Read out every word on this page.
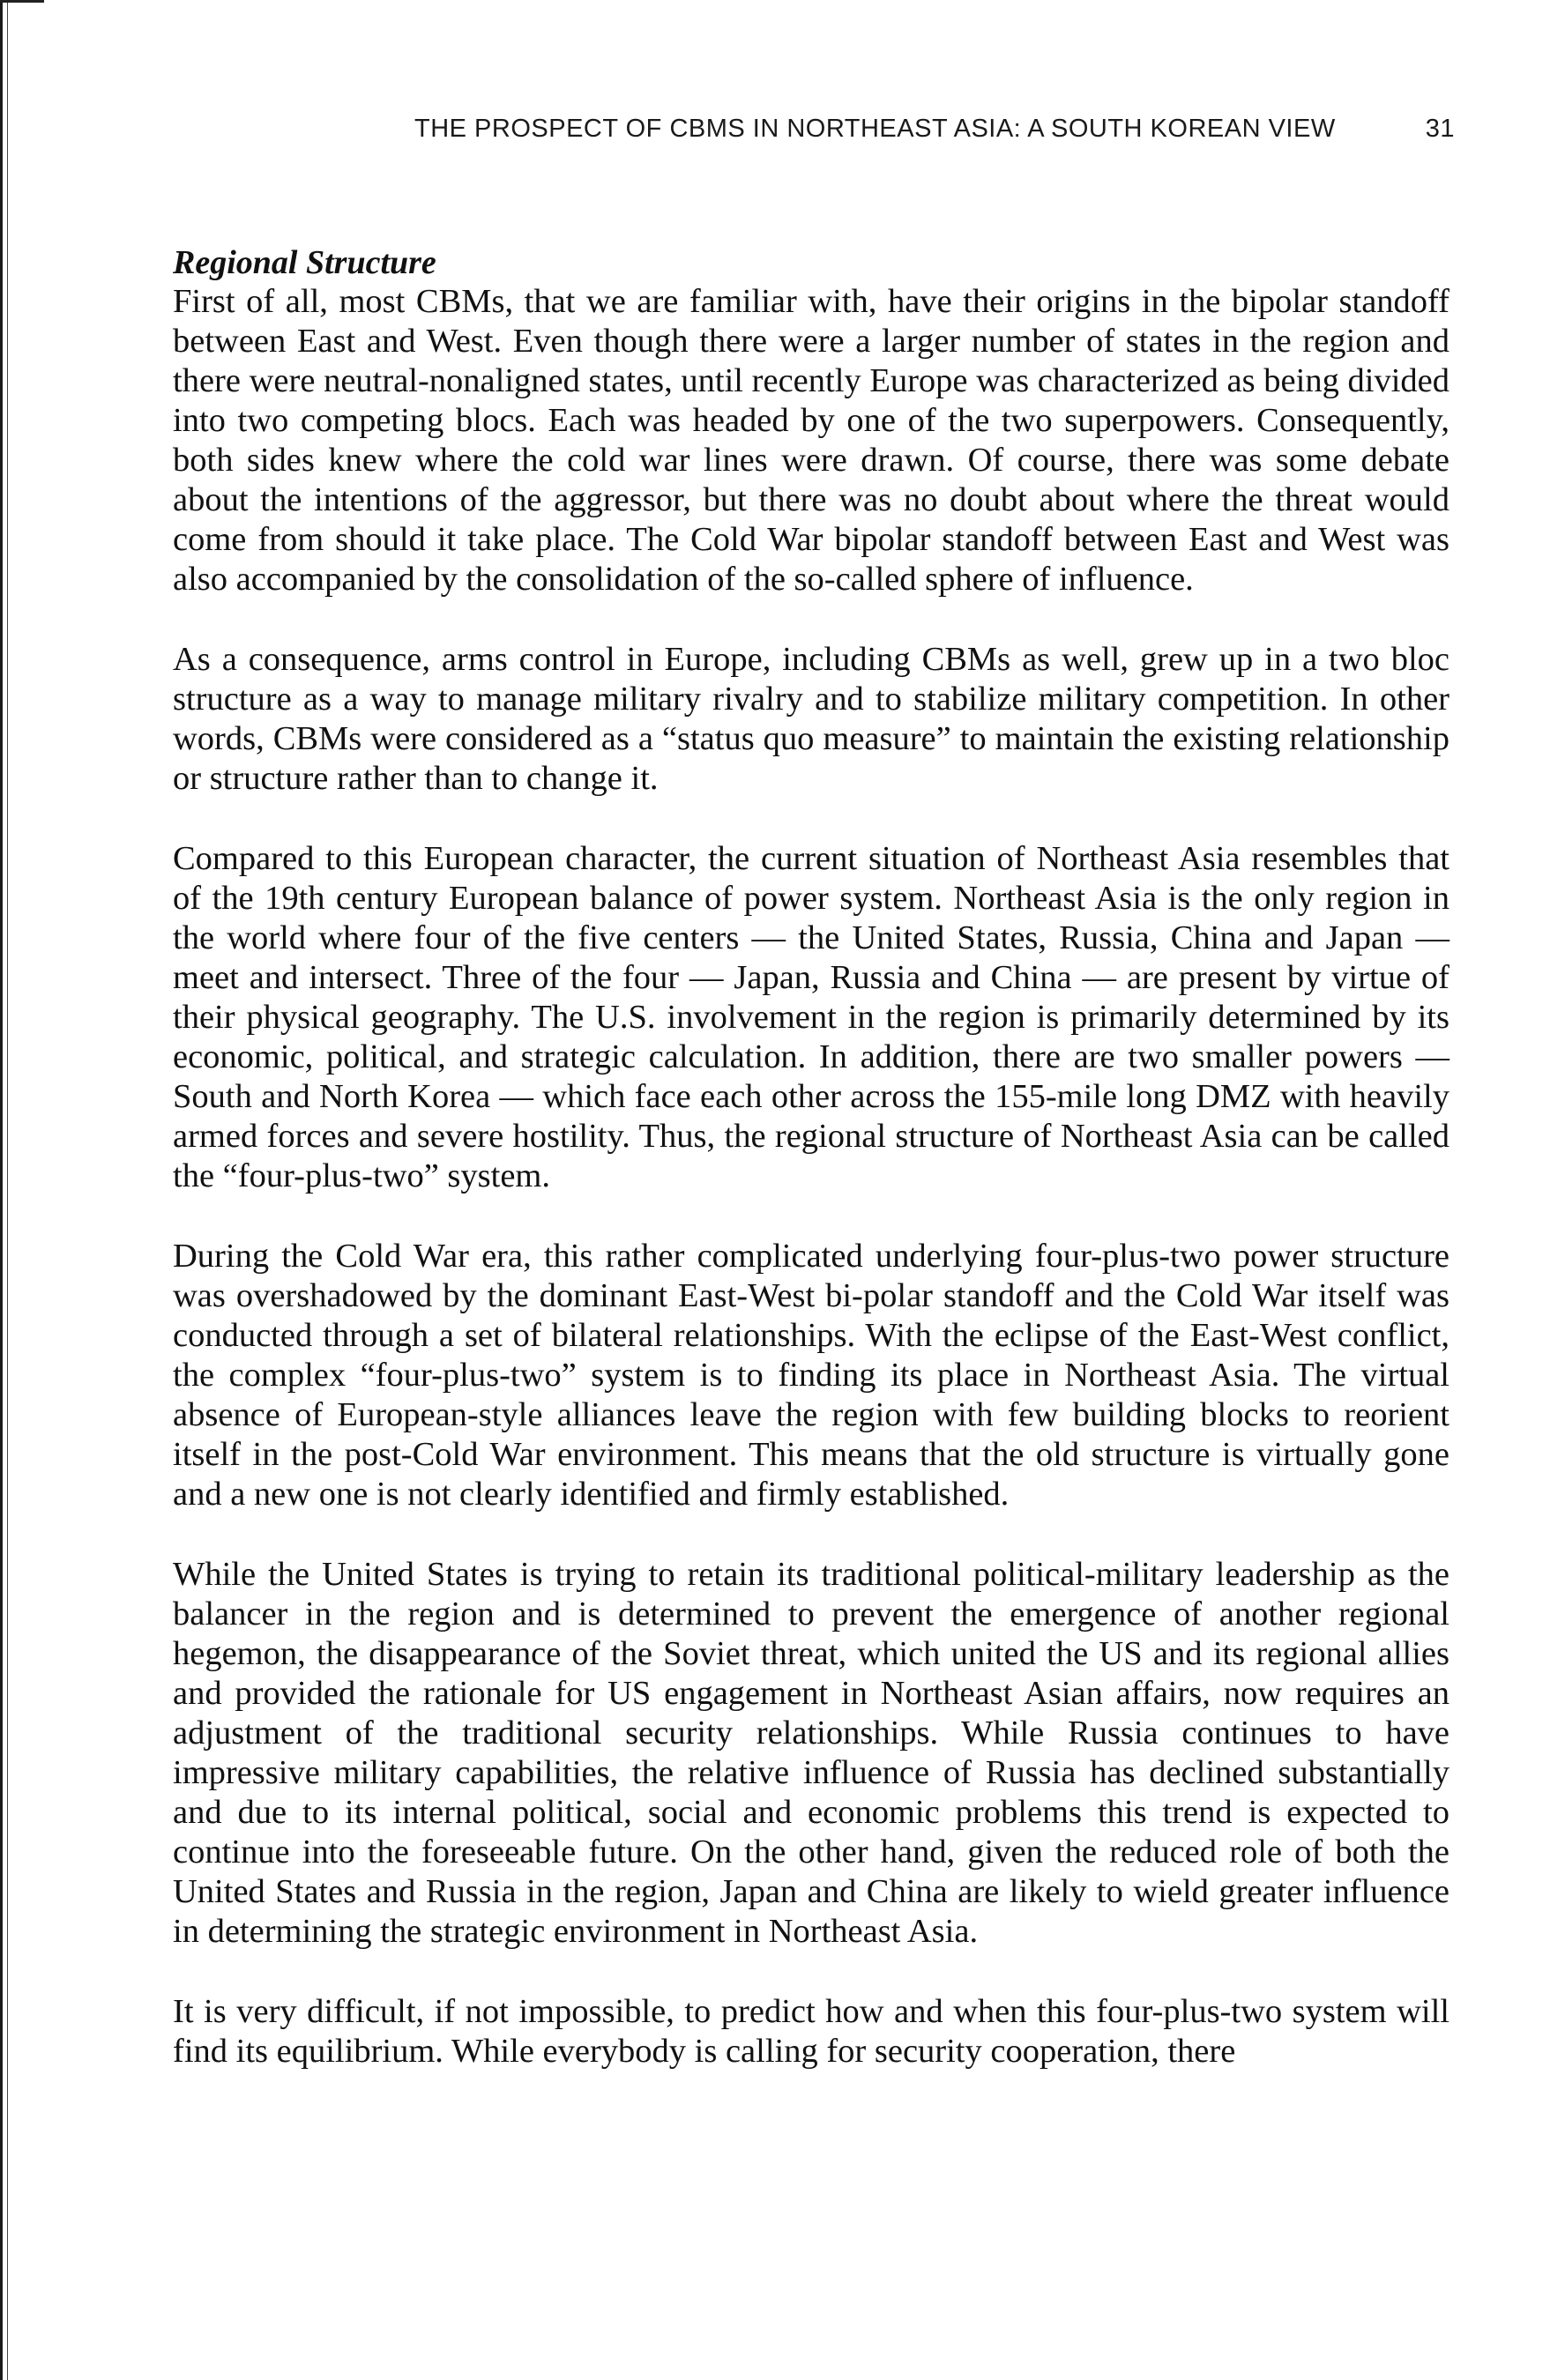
THE PROSPECT OF CBMS IN NORTHEAST ASIA: A SOUTH KOREAN VIEW	31
Regional Structure

First of all, most CBMs, that we are familiar with, have their origins in the bipolar standoff between East and West. Even though there were a larger number of states in the region and there were neutral-nonaligned states, until recently Europe was characterized as being divided into two competing blocs. Each was headed by one of the two superpowers. Consequently, both sides knew where the cold war lines were drawn. Of course, there was some debate about the intentions of the aggressor, but there was no doubt about where the threat would come from should it take place. The Cold War bipolar standoff between East and West was also accompanied by the consolidation of the so-called sphere of influence.

As a consequence, arms control in Europe, including CBMs as well, grew up in a two bloc structure as a way to manage military rivalry and to stabilize military competition. In other words, CBMs were considered as a “status quo measure” to maintain the existing relationship or structure rather than to change it.

Compared to this European character, the current situation of Northeast Asia resembles that of the 19th century European balance of power system. Northeast Asia is the only region in the world where four of the five centers — the United States, Russia, China and Japan — meet and intersect. Three of the four — Japan, Russia and China — are present by virtue of their physical geography. The U.S. involvement in the region is primarily determined by its economic, political, and strategic calculation. In addition, there are two smaller powers — South and North Korea — which face each other across the 155-mile long DMZ with heavily armed forces and severe hostility. Thus, the regional structure of Northeast Asia can be called the “four-plus-two” system.

During the Cold War era, this rather complicated underlying four-plus-two power structure was overshadowed by the dominant East-West bi-polar standoff and the Cold War itself was conducted through a set of bilateral relationships. With the eclipse of the East-West conflict, the complex “four-plus-two” system is to finding its place in Northeast Asia. The virtual absence of European-style alliances leave the region with few building blocks to reorient itself in the post-Cold War environment. This means that the old structure is virtually gone and a new one is not clearly identified and firmly established.

While the United States is trying to retain its traditional political-military leadership as the balancer in the region and is determined to prevent the emergence of another regional hegemon, the disappearance of the Soviet threat, which united the US and its regional allies and provided the rationale for US engagement in Northeast Asian affairs, now requires an adjustment of the traditional security relationships. While Russia continues to have impressive military capabilities, the relative influence of Russia has declined substantially and due to its internal political, social and economic problems this trend is expected to continue into the foreseeable future. On the other hand, given the reduced role of both the United States and Russia in the region, Japan and China are likely to wield greater influence in determining the strategic environment in Northeast Asia.

It is very difficult, if not impossible, to predict how and when this four-plus-two system will find its equilibrium. While everybody is calling for security cooperation, there
